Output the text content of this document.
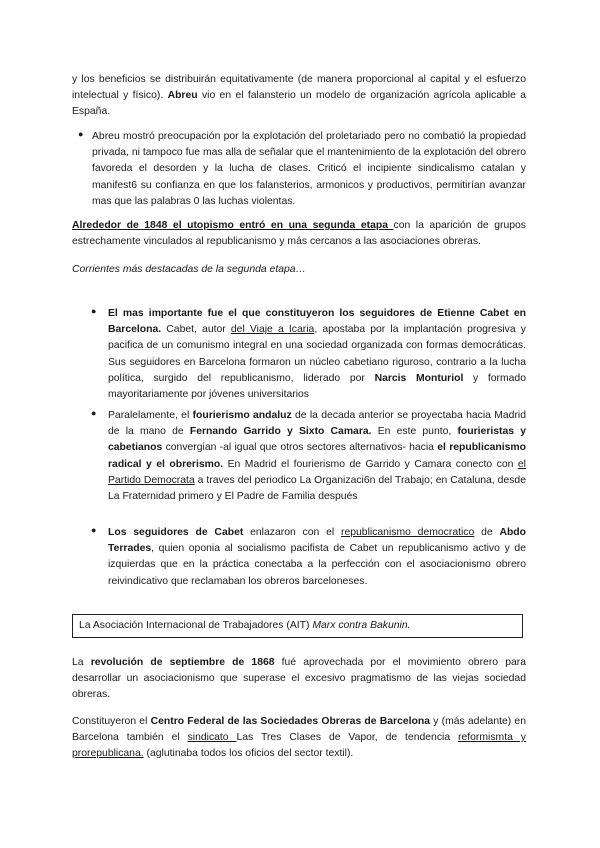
y los beneficios se distribuirán equitativamente (de manera proporcional al capital y el esfuerzo intelectual y físico). Abreu vio en el falansterio un modelo de organización agrícola aplicable a España.

● Abreu mostró preocupación por la explotación del proletariado pero no combatió la propiedad privada, ni tampoco fue mas alla de señalar que el mantenimiento de la explotación del obrero favoreda el desorden y la lucha de clases. Criticó el incipiente sindicalismo catalan y manifest6 su confianza en que los falansterios, armonicos y productivos, permitirían avanzar mas que las palabras 0 las luchas violentas.

Alrededor de 1848 el utopismo entró en una segunda etapa con la aparición de grupos estrechamente vinculados al republicanismo y más cercanos a las asociaciones obreras.

Corrientes más destacadas de la segunda etapa…

● El mas importante fue el que constituyeron los seguidores de Etienne Cabet en Barcelona. Cabet, autor del Viaje a Icaria, apostaba por la implantación progresiva y pacifica de un comunismo integral en una sociedad organizada con formas democráticas. Sus seguidores en Barcelona formaron un núcleo cabetiano riguroso, contrario a la lucha política, surgido del republicanismo, liderado por Narcis Monturiol y formado mayoritariamente por jóvenes universitarios

● Paralelamente, el fourierismo andaluz de la decada anterior se proyectaba hacia Madrid de la mano de Fernando Garrido y Sixto Camara. En este punto, fourieristas y cabetianos convergian -al igual que otros sectores alternativos- hacia el republicanismo radical y el obrerismo. En Madrid el fourierismo de Garrido y Camara conecto con el Partido Democrata a traves del periodico La Organizaci6n del Trabajo; en Cataluna, desde La Fraternidad primero y El Padre de Familia después

● Los seguidores de Cabet enlazaron con el republicanismo democratico de Abdo Terrades, quien oponia al socialismo pacifista de Cabet un republicanismo activo y de izquierdas que en la práctica conectaba a la perfección con el asociacionismo obrero reivindicativo que reclamaban los obreros barceloneses.

La Asociación Internacional de Trabajadores (AIT) Marx contra Bakunin.

La revolución de septiembre de 1868 fué aprovechada por el movimiento obrero para desarrollar un asociacionismo que superase el excesivo pragmatismo de las viejas sociedad obreras.

Constituyeron el Centro Federal de las Sociedades Obreras de Barcelona y (más adelante) en Barcelona también el sindicato Las Tres Clases de Vapor, de tendencia reformismta y prorepublicana. (aglutinaba todos los oficios del sector textil).
